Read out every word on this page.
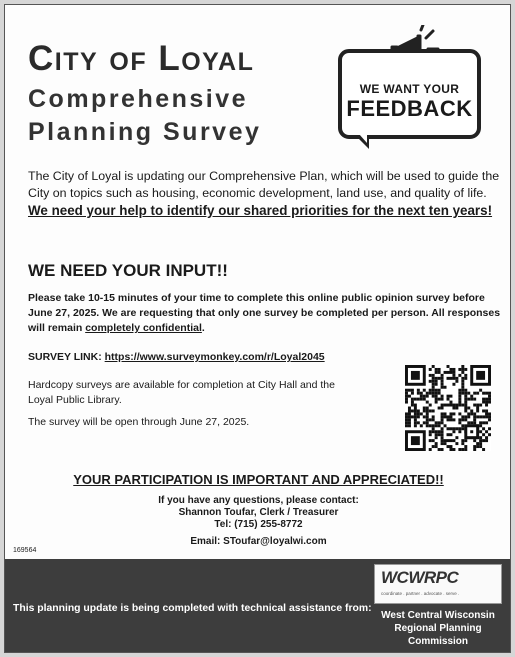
City of Loyal
Comprehensive
Planning Survey
WE WANT YOUR
FEEDBACK
The City of Loyal is updating our Comprehensive Plan, which will be used to guide the City on topics such as housing, economic development, land use, and quality of life. We need your help to identify our shared priorities for the next ten years!
WE NEED YOUR INPUT!!
Please take 10-15 minutes of your time to complete this online public opinion survey before June 27, 2025. We are requesting that only one survey be completed per person. All responses will remain completely confidential.
SURVEY LINK: https://www.surveymonkey.com/r/Loyal2045
Hardcopy surveys are available for completion at City Hall and the Loyal Public Library.
The survey will be open through June 27, 2025.
YOUR PARTICIPATION IS IMPORTANT AND APPRECIATED!!
If you have any questions, please contact:
Shannon Toufar, Clerk / Treasurer
Tel: (715) 255-8772
Email: SToufar@loyalwi.com
169564
This planning update is being completed with technical assistance from:
WCWRPC
coordinate . partner . advocate . serve .
West Central Wisconsin
Regional Planning
Commission
